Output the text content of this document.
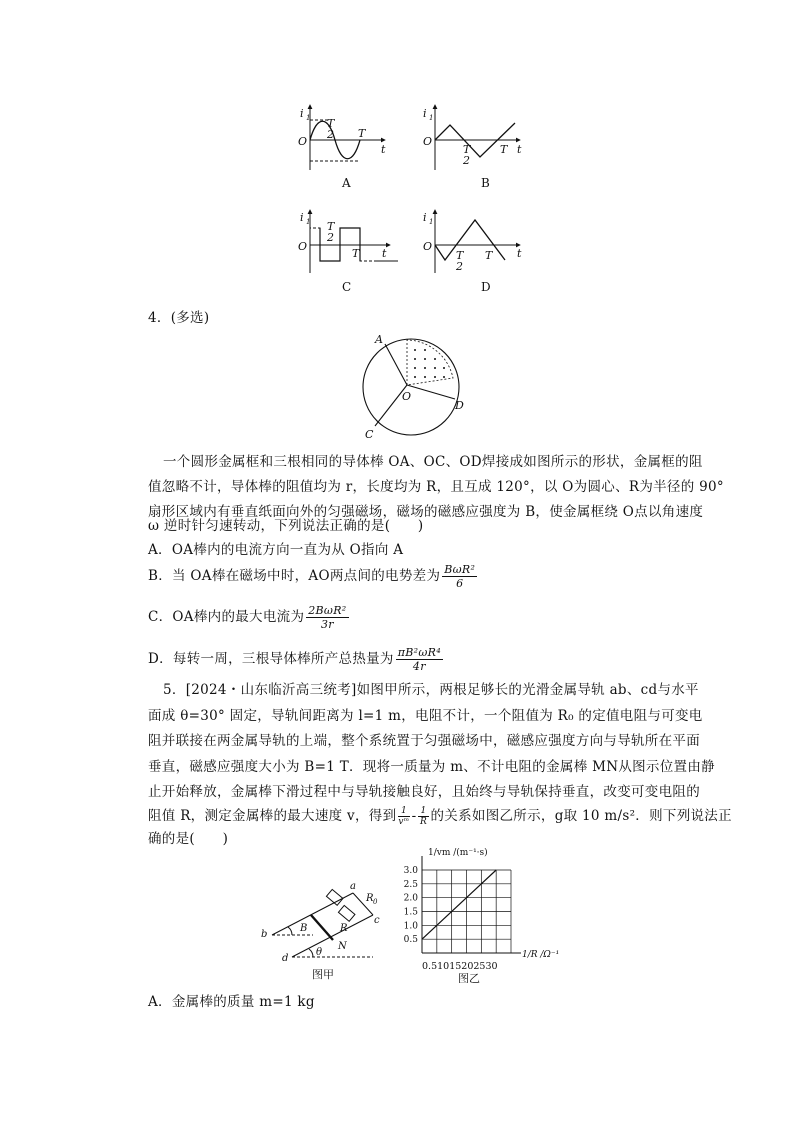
i 1
O
t
T
2 T
i 1
O
t
T
2
T
i 1
O
t
T
2
T
i 1
O
t
T
2
T
A	B
C	D
4．(多选)
A
C
D
O
一个圆形金属框和三根相同的导体棒 OA、OC、OD焊接成如图所示的形状，金属框的阻
值忽略不计，导体棒的阻值均为 r，长度均为 R，且互成 120°，以 O为圆心、R为半径的 90°
扇形区域内有垂直纸面向外的匀强磁场，磁场的磁感应强度为 B，使金属框绕 O点以角速度
ω 逆时针匀速转动，下列说法正确的是(　　)
A．OA棒内的电流方向一直为从 O指向 A
B．当 OA棒在磁场中时，AO两点间的电势差为 $\frac{\text{BωR²}}{6}$
C．OA棒内的最大电流为 $\frac{\text{2BωR²}}{3r}$
D．每转一周，三根导体棒所产总热量为 $\frac{\text{πB²ωR⁴}}{4r}$
5．[2024・山东临沂高三统考]如图甲所示，两根足够长的光滑金属导轨 ab、cd与水平
面成 θ=30° 固定，导轨间距离为 l=1 m，电阻不计，一个阻值为 R₀ 的定值电阻与可变电
阻并联接在两金属导轨的上端，整个系统置于匀强磁场中，磁感应强度方向与导轨所在平面
垂直，磁感应强度大小为 B=1 T．现将一质量为 m、不计电阻的金属棒 MN从图示位置由静
止开始释放，金属棒下滑过程中与导轨接触良好，且始终与导轨保持垂直，改变可变电阻的
阻值 R，测定金属棒的最大速度 v，得到 $\frac{1}{\text{vᵐ}} - \frac{1}{R}$ 的关系如图乙所示，g取 10 m/s²．则下列说法正
确的是(　　)
a
b
c
d
R 0
R
B
N
θ
图甲
3.0
2.5
2.0
1.5
1.0
0.5
1/vm /(m⁻¹·s)
1/R /Ω⁻¹
0.51015202530
图乙
A．金属棒的质量 m=1 kg
